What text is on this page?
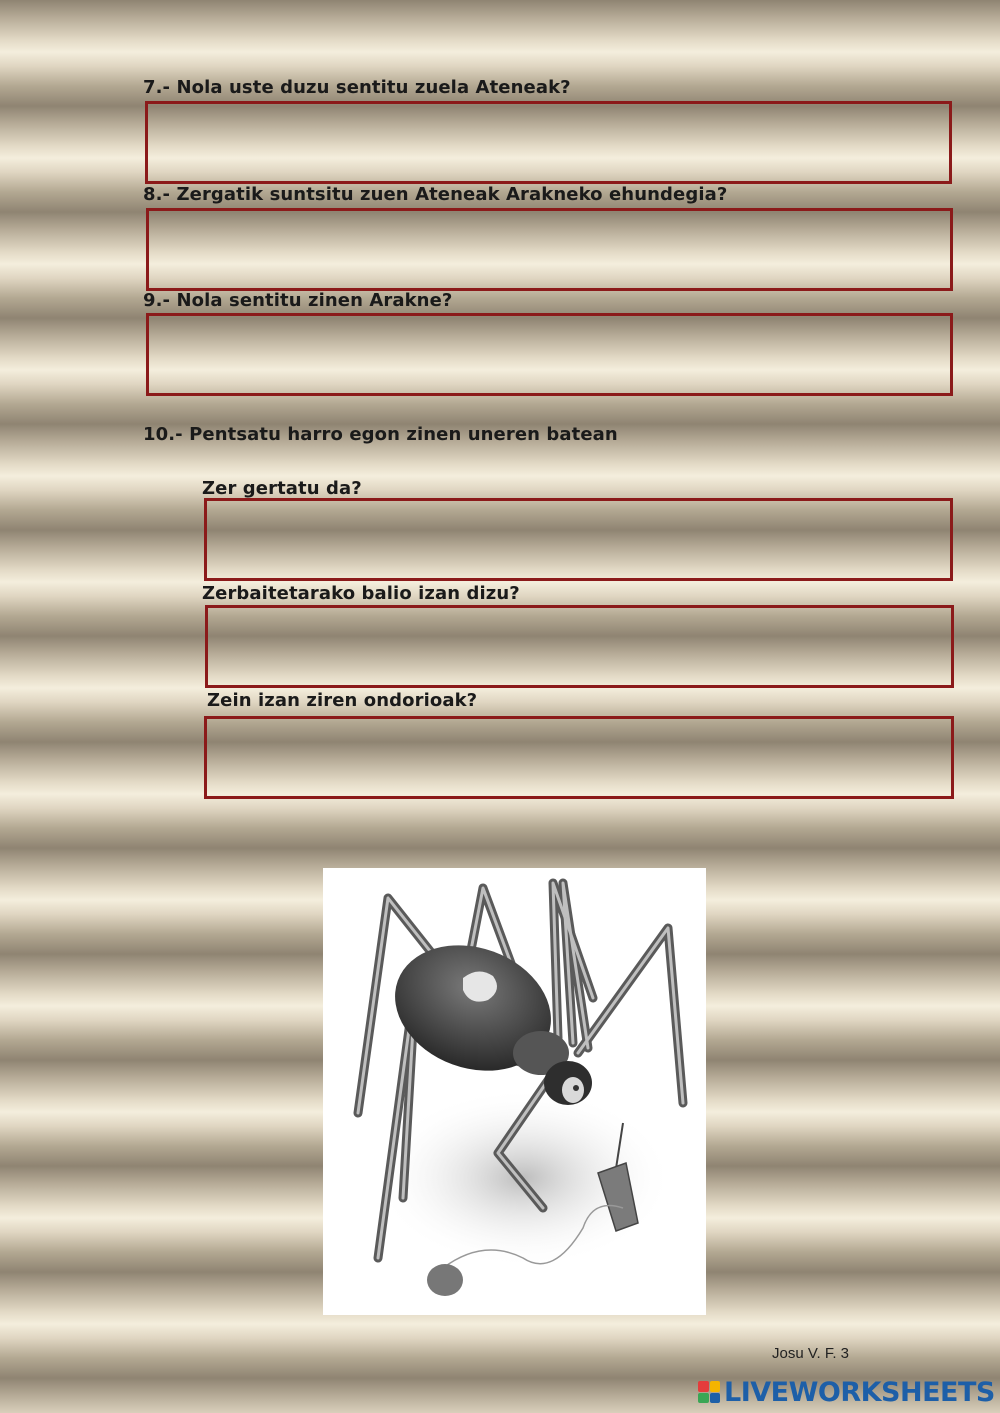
7.- Nola uste duzu sentitu zuela Ateneak?

8.- Zergatik suntsitu zuen Ateneak Arakneko ehundegia?

9.- Nola sentitu zinen Arakne?

10.- Pentsatu harro egon zinen uneren batean

Zer gertatu da?

Zerbaitetarako balio izan dizu?

Zein izan ziren ondorioak?

Josu V. F. 3
LIVEWORKSHEETS
